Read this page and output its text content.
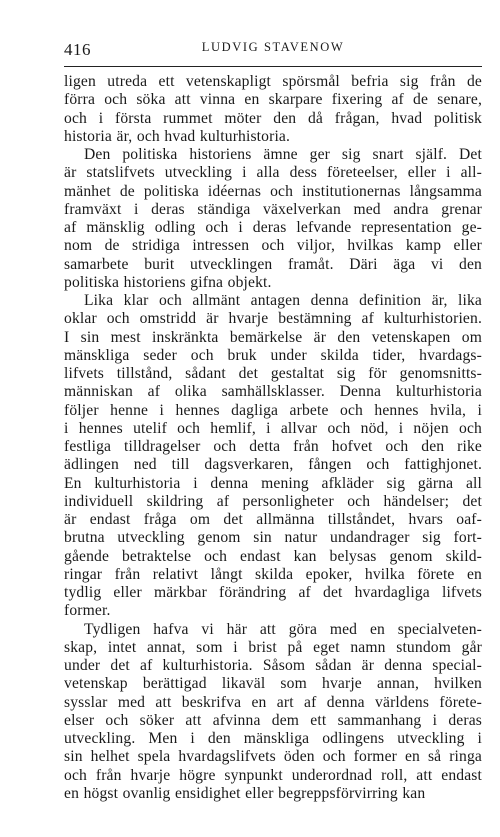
416	LUDVIG STAVENOW
ligen utreda ett vetenskapligt spörsmål befria sig från de
förra och söka att vinna en skarpare fixering af de senare,
och i första rummet möter den då frågan, hvad politisk
historia är, och hvad kulturhistoria.
Den politiska historiens ämne ger sig snart själf. Det
är statslifvets utveckling i alla dess företeelser, eller i all-
mänhet de politiska idéernas och institutionernas långsamma
framväxt i deras ständiga växelverkan med andra grenar
af mänsklig odling och i deras lefvande representation ge-
nom de stridiga intressen och viljor, hvilkas kamp eller
samarbete burit utvecklingen framåt. Däri äga vi den
politiska historiens gifna objekt.
Lika klar och allmänt antagen denna definition är, lika
oklar och omstridd är hvarje bestämning af kulturhistorien.
I sin mest inskränkta bemärkelse är den vetenskapen om
mänskliga seder och bruk under skilda tider, hvardags-
lifvets tillstånd, sådant det gestaltat sig för genomsnitts-
människan af olika samhällsklasser. Denna kulturhistoria
följer henne i hennes dagliga arbete och hennes hvila, i
i hennes utelif och hemlif, i allvar och nöd, i nöjen och
festliga tilldragelser och detta från hofvet och den rike
ädlingen ned till dagsverkaren, fången och fattighjonet.
En kulturhistoria i denna mening afkläder sig gärna all
individuell skildring af personligheter och händelser; det
är endast fråga om det allmänna tillståndet, hvars oaf-
brutna utveckling genom sin natur undandrager sig fort-
gående betraktelse och endast kan belysas genom skild-
ringar från relativt långt skilda epoker, hvilka förete en
tydlig eller märkbar förändring af det hvardagliga lifvets
former.
Tydligen hafva vi här att göra med en specialveten-
skap, intet annat, som i brist på eget namn stundom går
under det af kulturhistoria. Såsom sådan är denna special-
vetenskap berättigad likaväl som hvarje annan, hvilken
sysslar med att beskrifva en art af denna världens förete-
elser och söker att afvinna dem ett sammanhang i deras
utveckling. Men i den mänskliga odlingens utveckling i
sin helhet spela hvardagslifvets öden och former en så ringa
och från hvarje högre synpunkt underordnad roll, att endast
en högst ovanlig ensidighet eller begreppsförvirring kan
